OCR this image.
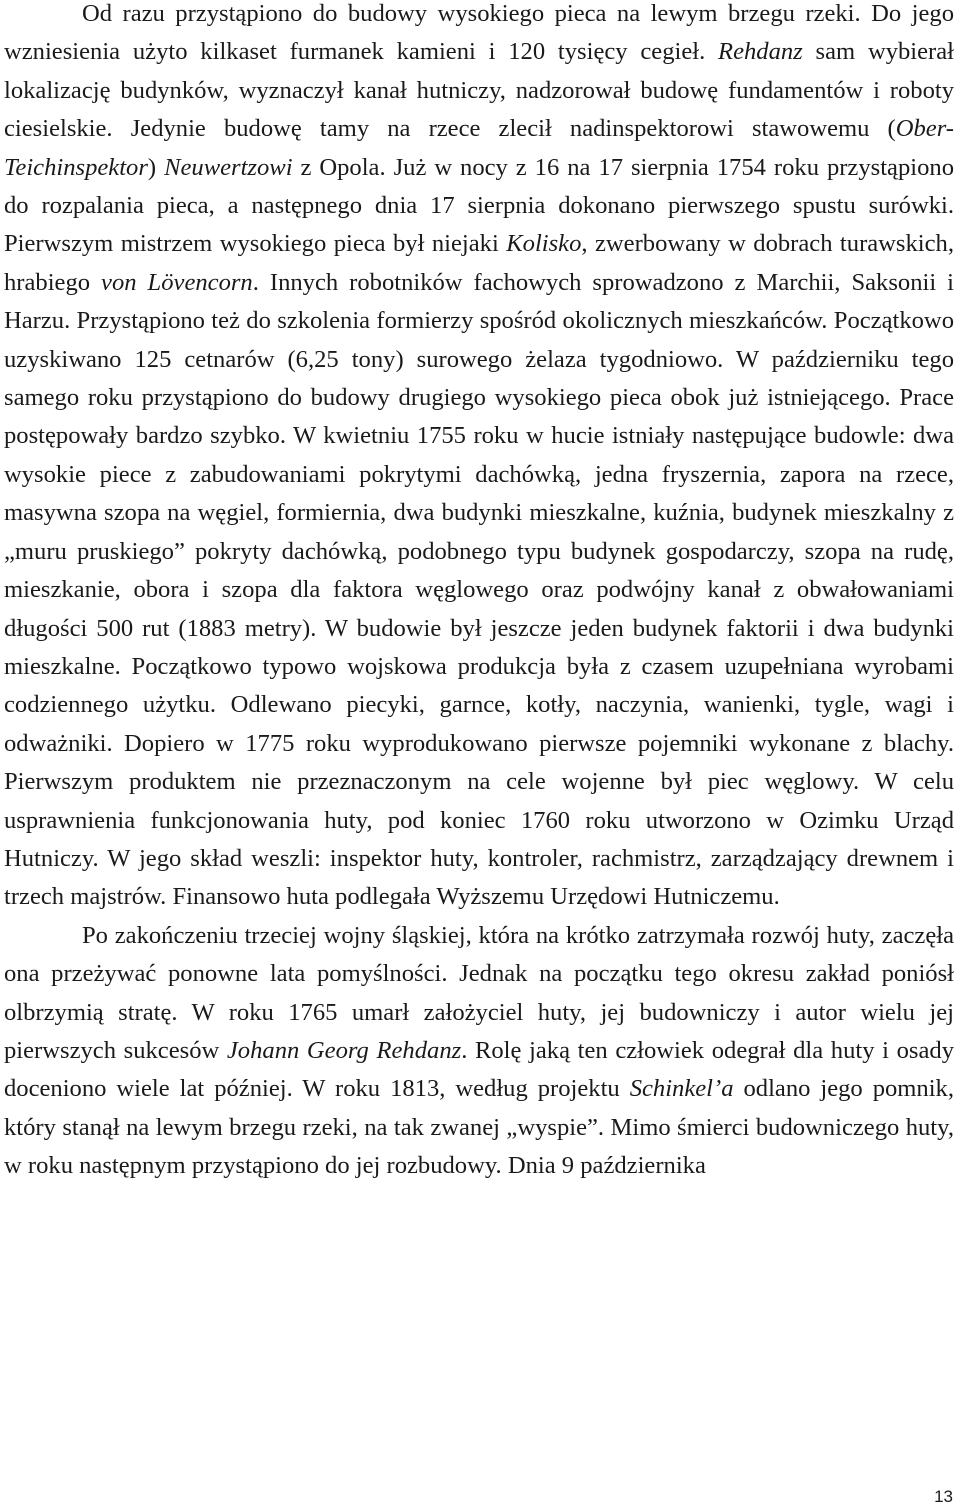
Od razu przystąpiono do budowy wysokiego pieca na lewym brzegu rzeki. Do jego wzniesienia użyto kilkaset furmanek kamieni i 120 tysięcy cegieł. Rehdanz sam wybierał lokalizację budynków, wyznaczył kanał hutniczy, nadzorował budowę fundamentów i roboty ciesielskie. Jedynie budowę tamy na rzece zlecił nadinspektorowi stawowemu (Ober-Teichinspektor) Neuwertzowi z Opola. Już w nocy z 16 na 17 sierpnia 1754 roku przystąpiono do rozpalania pieca, a następnego dnia 17 sierpnia dokonano pierwszego spustu surówki. Pierwszym mistrzem wysokiego pieca był niejaki Kolisko, zwerbowany w dobrach turawskich, hrabiego von Lövencorn. Innych robotników fachowych sprowadzono z Marchii, Saksonii i Harzu. Przystąpiono też do szkolenia formierzy spośród okolicznych mieszkańców. Początkowo uzyskiwano 125 cetnarów (6,25 tony) surowego żelaza tygodniowo. W październiku tego samego roku przystąpiono do budowy drugiego wysokiego pieca obok już istniejącego. Prace postępowały bardzo szybko. W kwietniu 1755 roku w hucie istniały następujące budowle: dwa wysokie piece z zabudowaniami pokrytymi dachówką, jedna fryszernia, zapora na rzece, masywna szopa na węgiel, formiernia, dwa budynki mieszkalne, kuźnia, budynek mieszkalny z „muru pruskiego” pokryty dachówką, podobnego typu budynek gospodarczy, szopa na rudę, mieszkanie, obora i szopa dla faktora węglowego oraz podwójny kanał z obwałowaniami długości 500 rut (1883 metry). W budowie był jeszcze jeden budynek faktorii i dwa budynki mieszkalne. Początkowo typowo wojskowa produkcja była z czasem uzupełniana wyrobami codziennego użytku. Odlewano piecyki, garnce, kotły, naczynia, wanienki, tygle, wagi i odważniki. Dopiero w 1775 roku wyprodukowano pierwsze pojemniki wykonane z blachy. Pierwszym produktem nie przeznaczonym na cele wojenne był piec węglowy. W celu usprawnienia funkcjonowania huty, pod koniec 1760 roku utworzono w Ozimku Urząd Hutniczy. W jego skład weszli: inspektor huty, kontroler, rachmistrz, zarządzający drewnem i trzech majstrów. Finansowo huta podlegała Wyższemu Urzędowi Hutniczemu.

Po zakończeniu trzeciej wojny śląskiej, która na krótko zatrzymała rozwój huty, zaczęła ona przeżywać ponowne lata pomyślności. Jednak na początku tego okresu zakład poniósł olbrzymią stratę. W roku 1765 umarł założyciel huty, jej budowniczy i autor wielu jej pierwszych sukcesów Johann Georg Rehdanz. Rolę jaką ten człowiek odegrał dla huty i osady doceniono wiele lat później. W roku 1813, według projektu Schinkel’a odlano jego pomnik, który stanął na lewym brzegu rzeki, na tak zwanej „wyspie”. Mimo śmierci budowniczego huty, w roku następnym przystąpiono do jej rozbudowy. Dnia 9 października

13
